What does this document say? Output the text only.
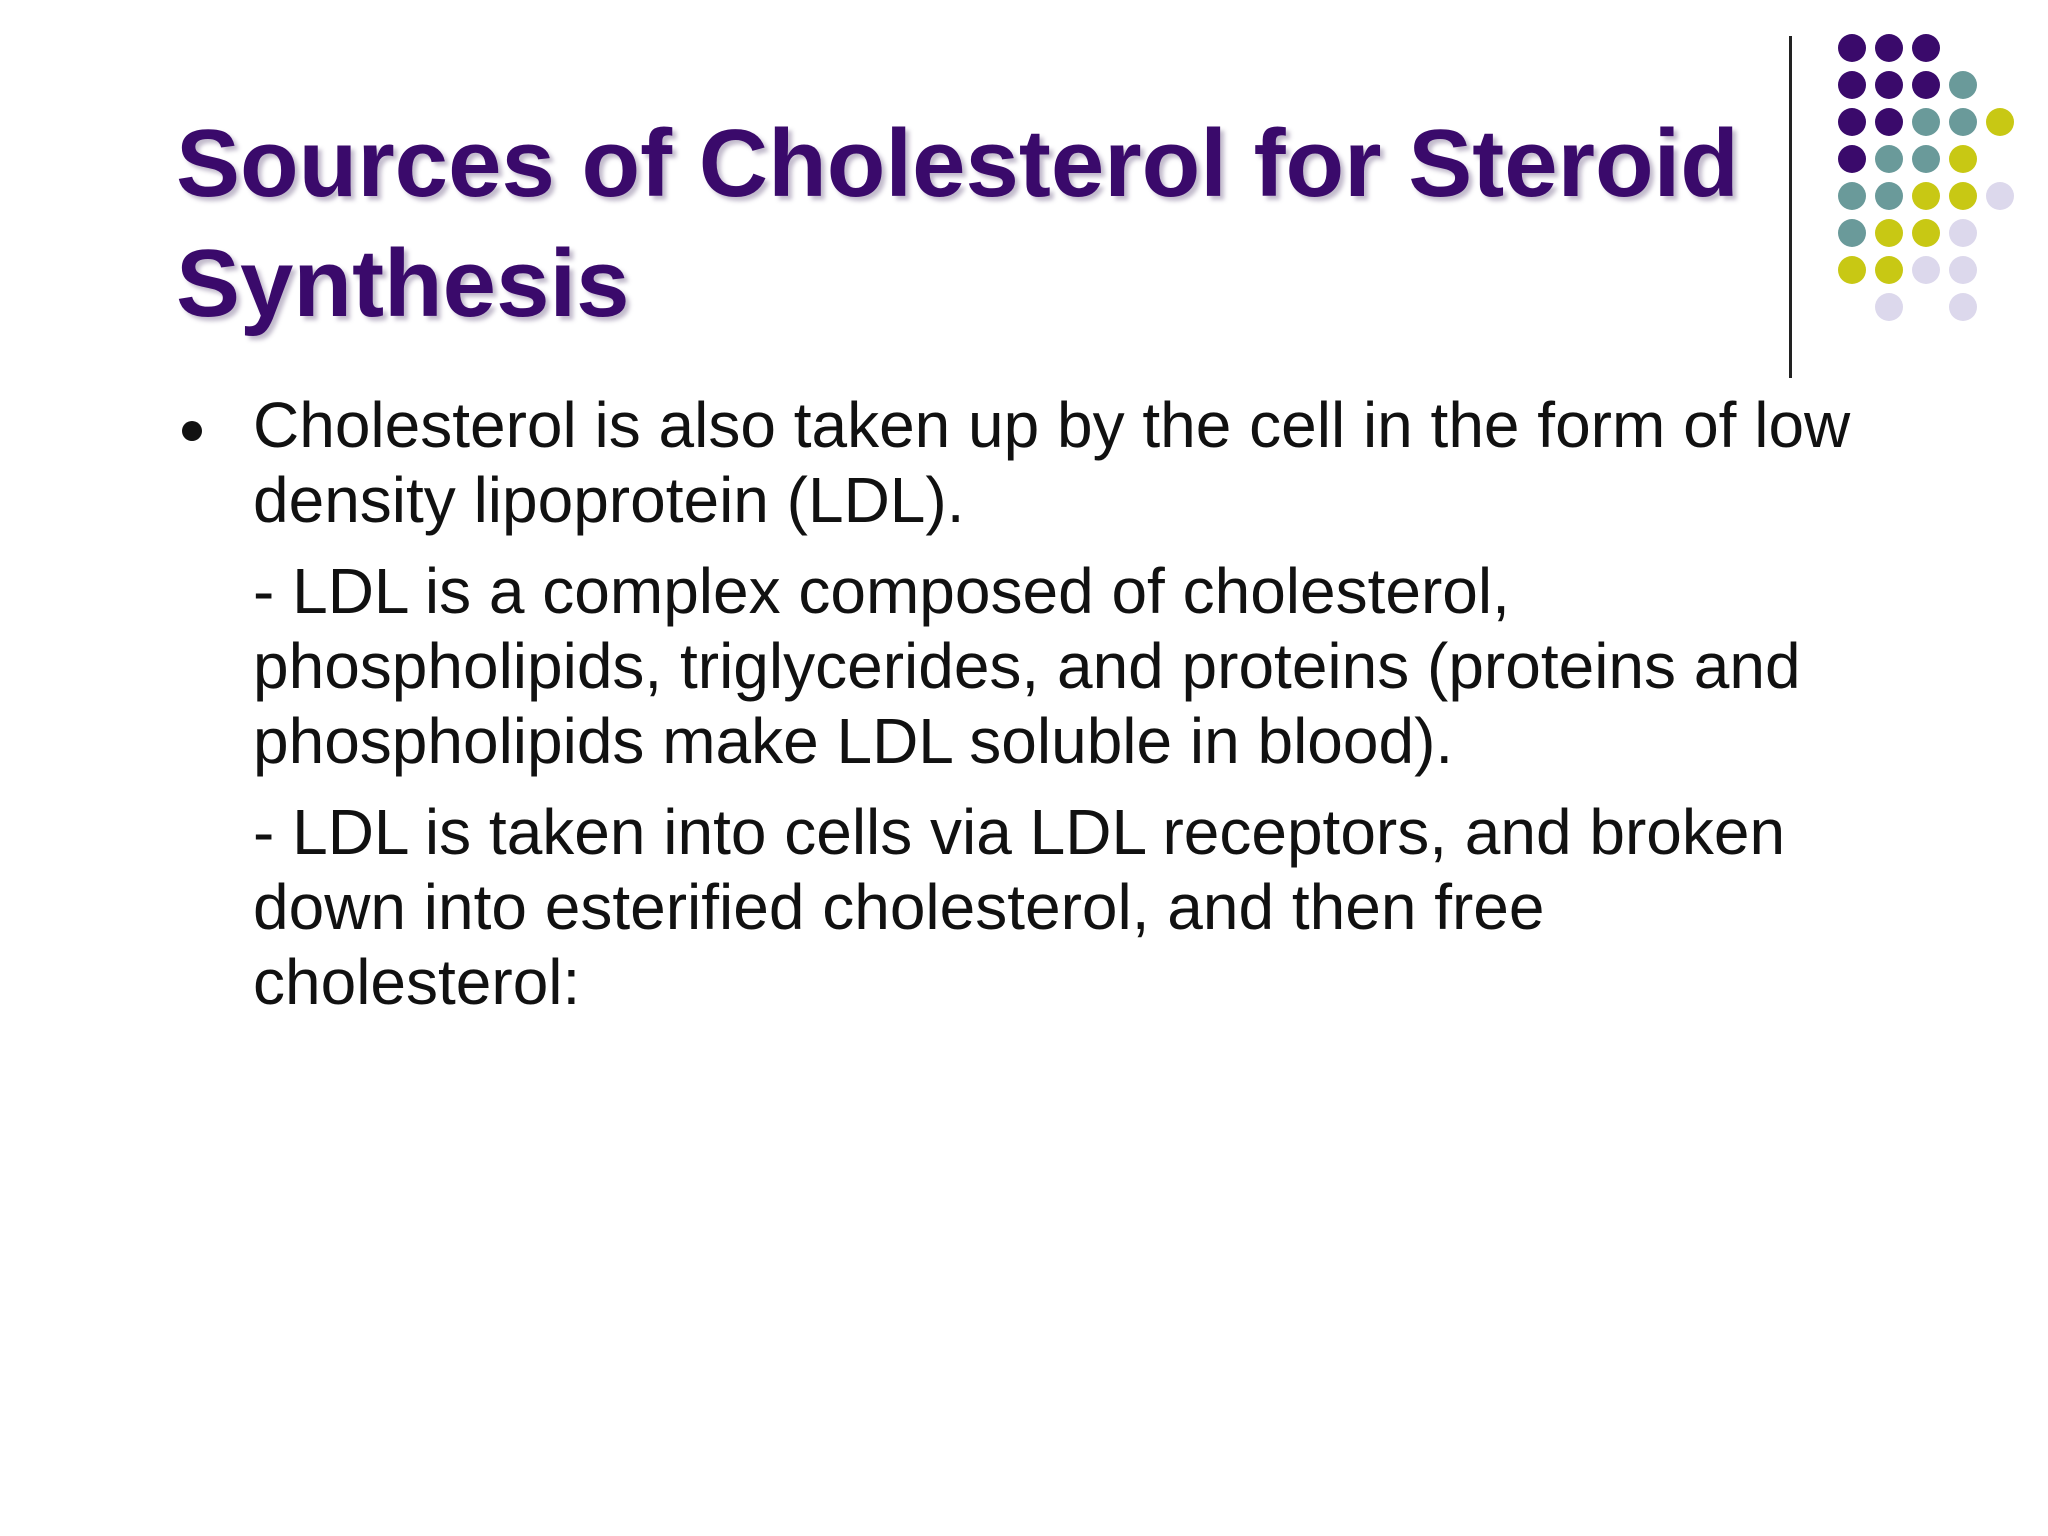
Sources of Cholesterol for Steroid Synthesis

Cholesterol is also taken up by the cell in the form of low density lipoprotein (LDL).

- LDL is a complex composed of cholesterol, phospholipids, triglycerides, and proteins (proteins and phospholipids make LDL soluble in blood).

- LDL is taken into cells via LDL receptors, and broken down into esterified cholesterol, and then free cholesterol:
